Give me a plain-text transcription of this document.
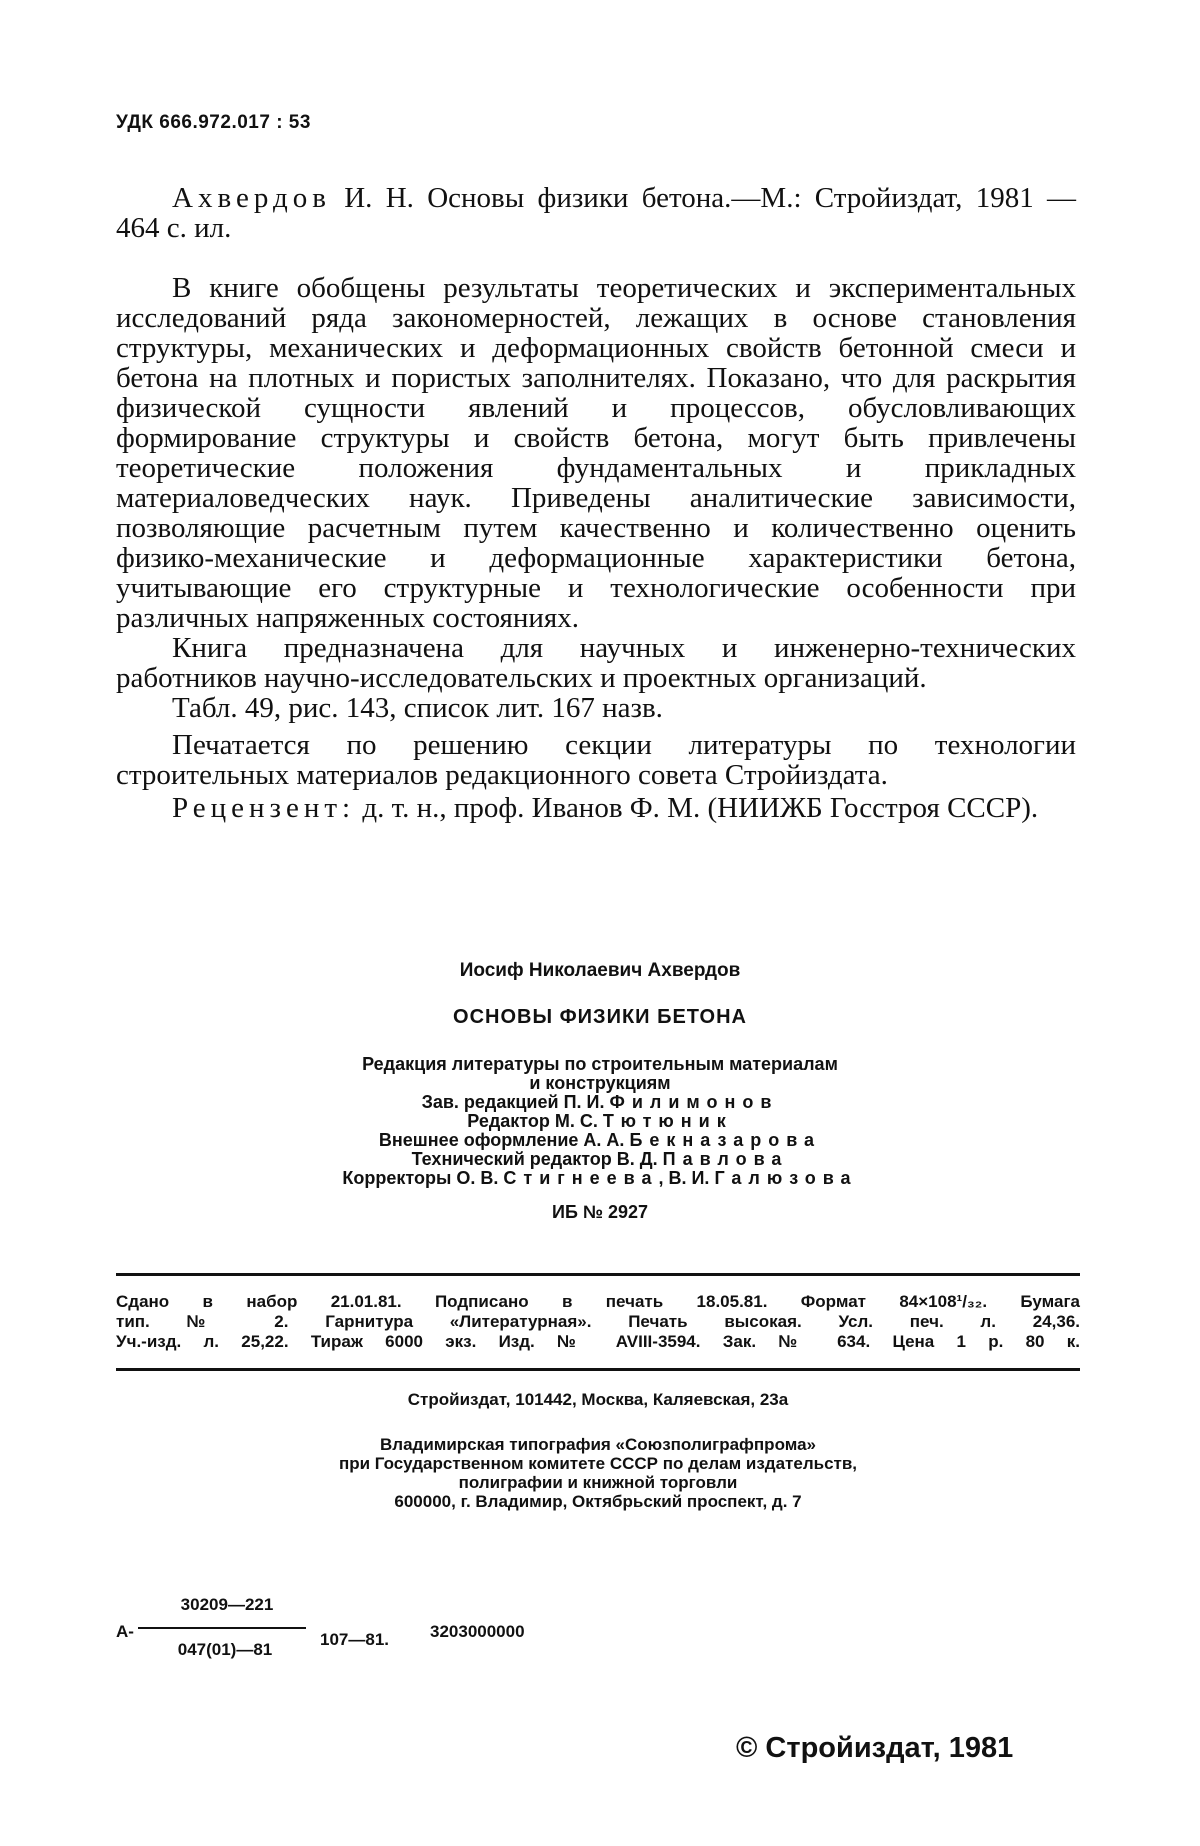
УДК 666.972.017 : 53

Ахвердов И. Н. Основы физики бетона.—М.: Стройиздат, 1981 — 464 с. ил.

В книге обобщены результаты теоретических и экспериментальных исследований ряда закономерностей, лежащих в основе становления структуры, механических и деформационных свойств бетонной смеси и бетона на плотных и пористых заполнителях. Показано, что для раскрытия физической сущности явлений и процессов, обусловливающих формирование структуры и свойств бетона, могут быть привлечены теоретические положения фундаментальных и прикладных материаловедческих наук. Приведены аналитические зависимости, позволяющие расчетным путем качественно и количественно оценить физико-механические и деформационные характеристики бетона, учитывающие его структурные и технологические особенности при различных напряженных состояниях.

Книга предназначена для научных и инженерно-технических работников научно-исследовательских и проектных организаций.

Табл. 49, рис. 143, список лит. 167 назв.

Печатается по решению секции литературы по технологии строительных материалов редакционного совета Стройиздата.

Рецензент: д. т. н., проф. Иванов Ф. М. (НИИЖБ Госстроя СССР).

Иосиф Николаевич Ахвердов
ОСНОВЫ ФИЗИКИ БЕТОНА
Редакция литературы по строительным материалам
и конструкциям
Зав. редакцией П. И. Филимонов
Редактор М. С. Тютюник
Внешнее оформление А. А. Бекназарова
Технический редактор В. Д. Павлова
Корректоры О. В. Стигнеева, В. И. Галюзова
ИБ № 2927
Сдано в набор 21.01.81. Подписано в печать 18.05.81. Формат 84×108¹/₃₂. Бумага
тип. № 2. Гарнитура «Литературная». Печать высокая. Усл. печ. л. 24,36.
Уч.-изд. л. 25,22. Тираж 6000 экз. Изд. № AVIII-3594. Зак. № 634. Цена 1 р. 80 к.
Стройиздат, 101442, Москва, Каляевская, 23а
Владимирская типография «Союзполиграфпрома»
при Государственном комитете СССР по делам издательств,
полиграфии и книжной торговли
600000, г. Владимир, Октябрьский проспект, д. 7
А-
30209—221
047(01)—81
107—81. 3203000000
© Стройиздат, 1981
